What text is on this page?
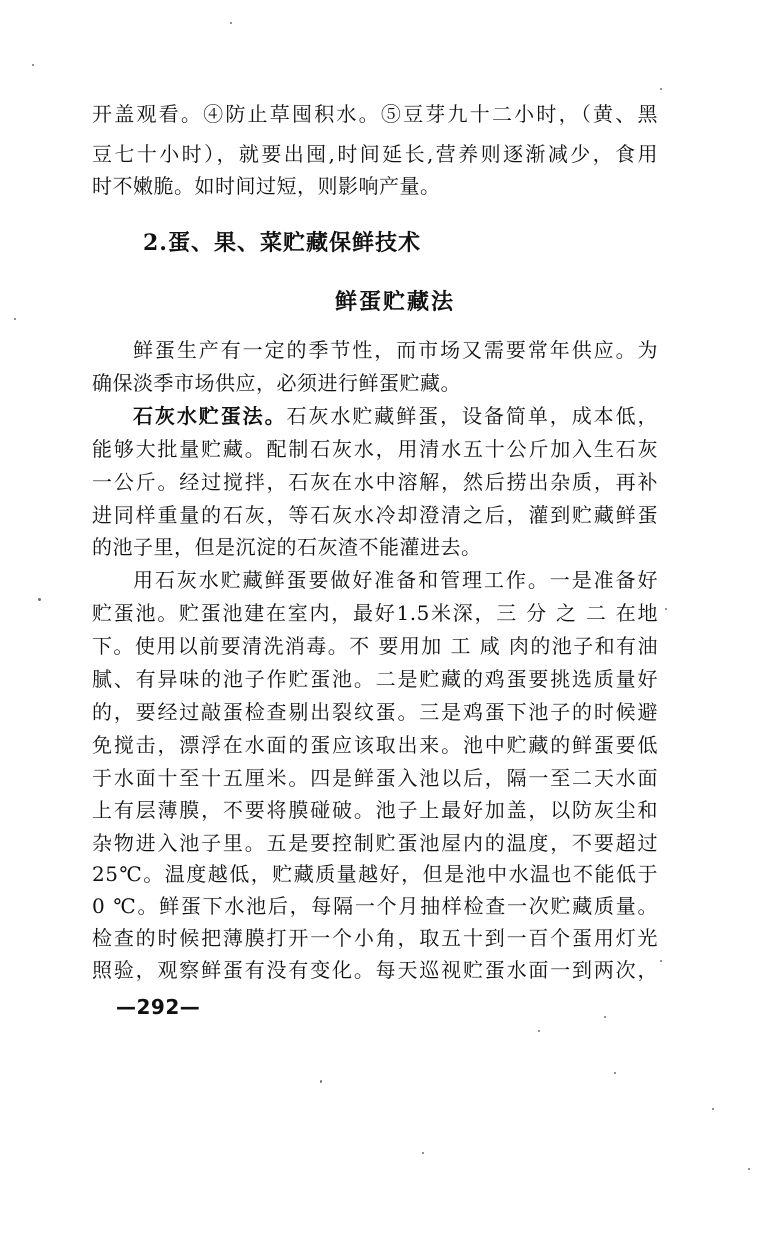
开盖观看。④防止草囤积水。⑤豆芽九十二小时，（黄、黑
豆七十小时），就要出囤,时间延长,营养则逐渐减少，食用
时不嫩脆。如时间过短，则影响产量。
2.蛋、果、菜贮藏保鲜技术
鲜蛋贮藏法
鲜蛋生产有一定的季节性，而市场又需要常年供应。为
确保淡季市场供应，必须进行鲜蛋贮藏。
石灰水贮蛋法。石灰水贮藏鲜蛋，设备简单，成本低，
能够大批量贮藏。配制石灰水，用清水五十公斤加入生石灰
一公斤。经过搅拌，石灰在水中溶解，然后捞出杂质，再补
进同样重量的石灰，等石灰水冷却澄清之后，灌到贮藏鲜蛋
的池子里，但是沉淀的石灰渣不能灌进去。
用石灰水贮藏鲜蛋要做好准备和管理工作。一是准备好
贮蛋池。贮蛋池建在室内，最好1.5米深，三 分 之 二 在地
下。使用以前要清洗消毒。不 要用加 工 咸 肉的池子和有油
腻、有异味的池子作贮蛋池。二是贮藏的鸡蛋要挑选质量好
的，要经过敲蛋检查剔出裂纹蛋。三是鸡蛋下池子的时候避
免搅击，漂浮在水面的蛋应该取出来。池中贮藏的鲜蛋要低
于水面十至十五厘米。四是鲜蛋入池以后，隔一至二天水面
上有层薄膜，不要将膜碰破。池子上最好加盖，以防灰尘和
杂物进入池子里。五是要控制贮蛋池屋内的温度，不要超过
25℃。温度越低，贮藏质量越好，但是池中水温也不能低于
0 ℃。鲜蛋下水池后，每隔一个月抽样检查一次贮藏质量。
检查的时候把薄膜打开一个小角，取五十到一百个蛋用灯光
照验，观察鲜蛋有没有变化。每天巡视贮蛋水面一到两次，
—292—
